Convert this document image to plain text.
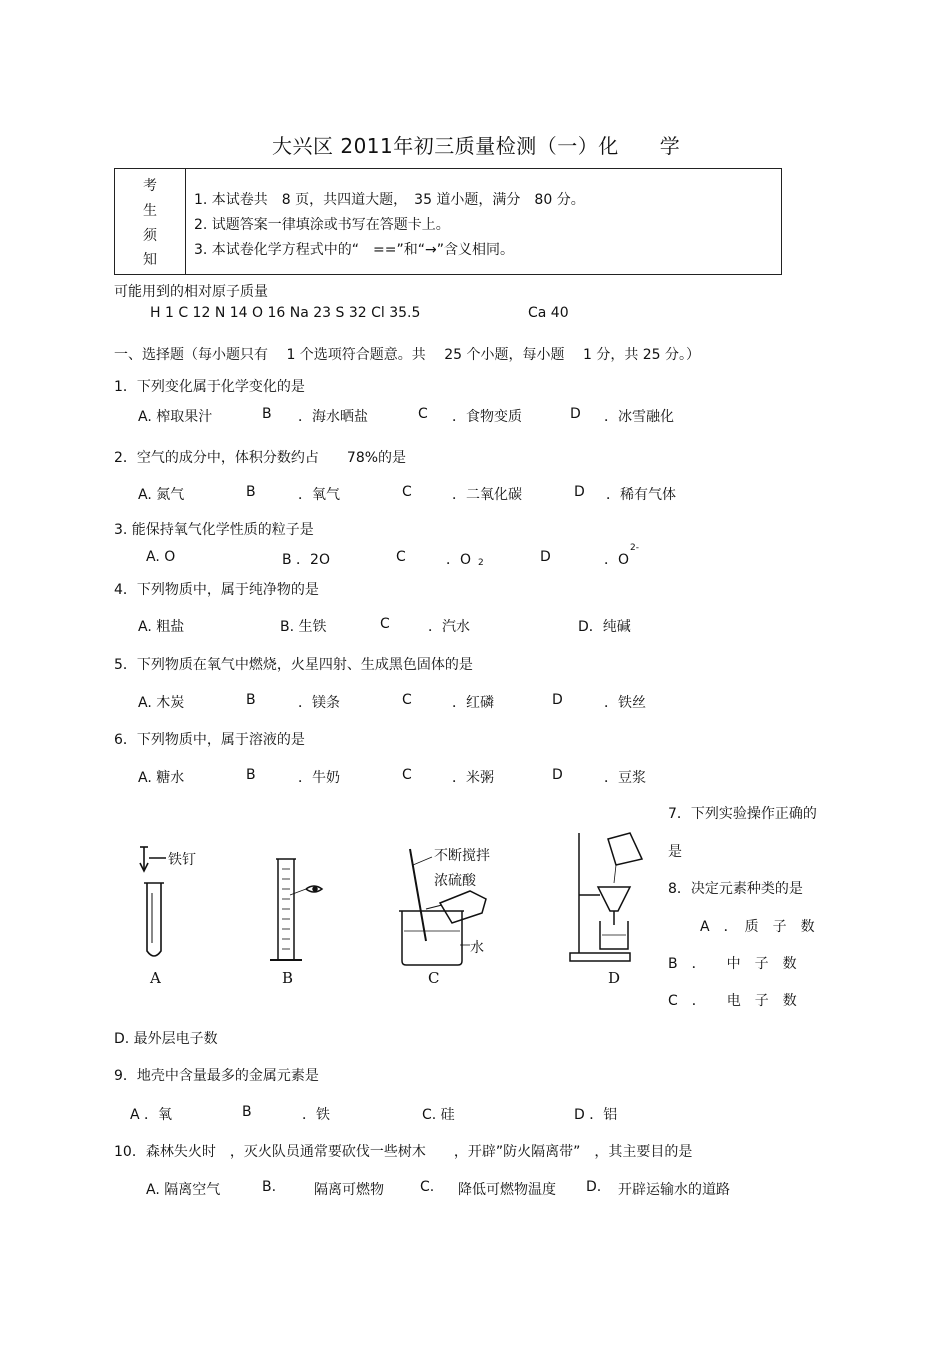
大兴区 2011年初三质量检测（一）化　　学
考
生
须
知
1. 本试卷共　8 页，共四道大题，　35 道小题，满分　80 分。
2. 试题答案一律填涂或书写在答题卡上。
3. 本试卷化学方程式中的“　==”和“→”含义相同。
可能用到的相对原子质量
H 1 C 12 N 14 O 16 Na 23 S 32 Cl 35.5	Ca 40
一、选择题（每小题只有　 1 个选项符合题意。共　 25 个小题，每小题　 1 分，共 25 分。）
1．下列变化属于化学变化的是
A. 榨取果汁	B ．海水晒盐	C ．食物变质	D ．冰雪融化
2．空气的成分中，体积分数约占　　78%的是
A. 氮气	B	．氧气	C	．二氧化碳	D ．稀有气体
3. 能保持氧气化学性质的粒子是
A. O	B ．2O	C	．O 2	D	．O
2-
4．下列物质中，属于纯净物的是
A. 粗盐	B. 生铁	C	．汽水	D．纯碱
5．下列物质在氧气中燃烧，火星四射、生成黑色固体的是
A. 木炭	B	．镁条	C	．红磷	D	．铁丝
6．下列物质中，属于溶液的是
A. 糖水	B	．牛奶	C	．米粥	D	．豆浆
7．下列实验操作正确的
是
8．决定元素种类的是
A　．　质　子　数
B　．　　中　子　数
C　．　　电　子　数
D. 最外层电子数
A	B	C	D
铁钉	不断搅拌
浓硫酸
水
9．地壳中含量最多的金属元素是
A ．氧	B	．铁	C. 硅	D ．铝
10．森林失火时　，灭火队员通常要砍伐一些树木　　，开辟”防火隔离带”　，其主要目的是
A. 隔离空气	B.	隔离可燃物	C. 降低可燃物温度 D. 开辟运输水的道路
